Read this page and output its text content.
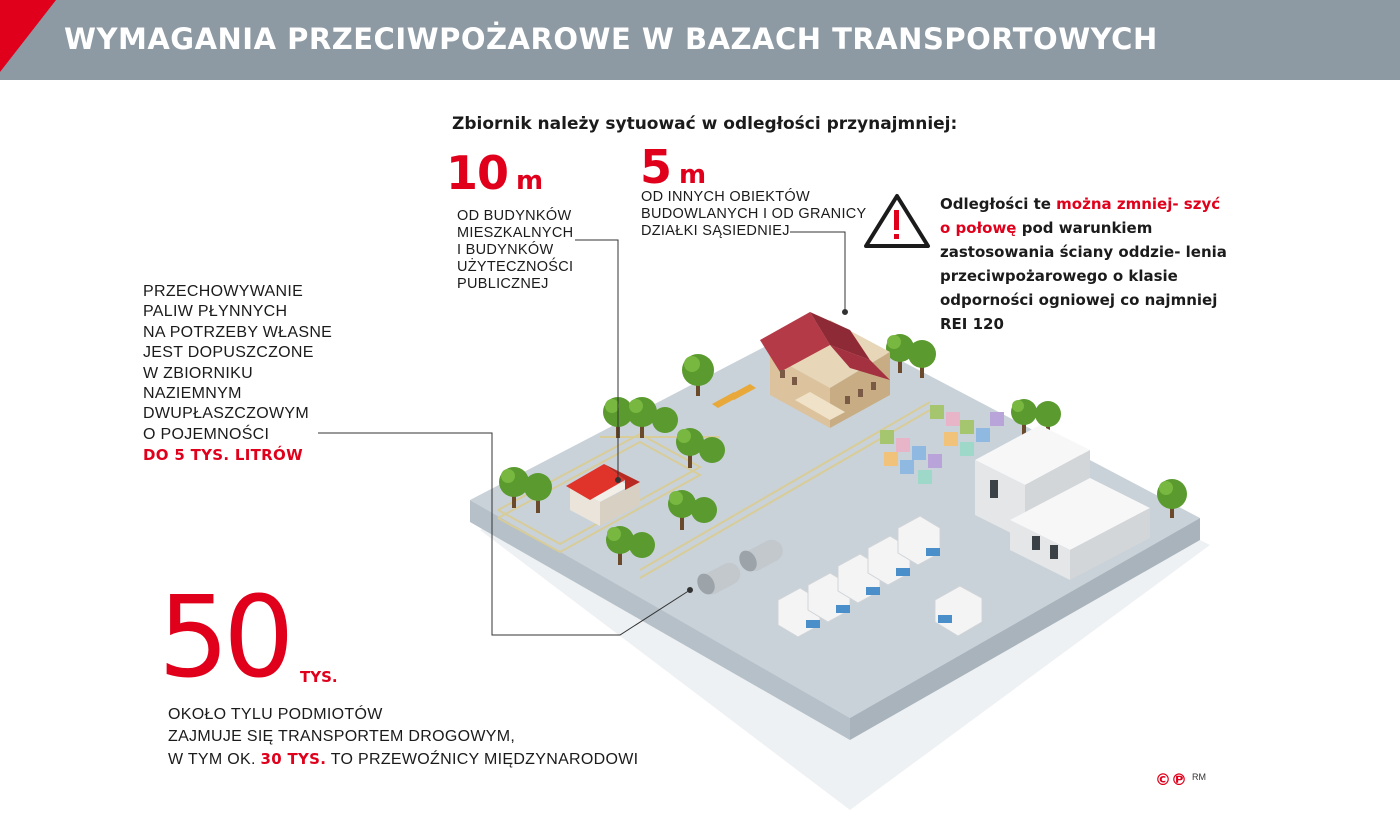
WYMAGANIA PRZECIWPOŻAROWE W BAZACH TRANSPORTOWYCH
Zbiornik należy sytuować w odległości przynajmniej:
10 m
OD BUDYNKÓW
MIESZKALNYCH
I BUDYNKÓW
UŻYTECZNOŚCI
PUBLICZNEJ
5 m
OD INNYCH OBIEKTÓW
BUDOWLANYCH I OD GRANICY
DZIAŁKI SĄSIEDNIEJ
Odległości te można zmniej- szyć o połowę pod warunkiem zastosowania ściany oddzie- lenia przeciwpożarowego o klasie odporności ogniowej co najmniej REI 120
PRZECHOWYWANIE
PALIW PŁYNNYCH
NA POTRZEBY WŁASNE
JEST DOPUSZCZONE
W ZBIORNIKU
NAZIEMNYM
DWUPŁASZCZOWYM
O POJEMNOŚCI
DO 5 TYS. LITRÓW
50 TYS.
OKOŁO TYLU PODMIOTÓW
ZAJMUJE SIĘ TRANSPORTEM DROGOWYM,
W TYM OK. 30 TYS. TO PRZEWOŹNICY MIĘDZYNARODOWI
©℗ RM
